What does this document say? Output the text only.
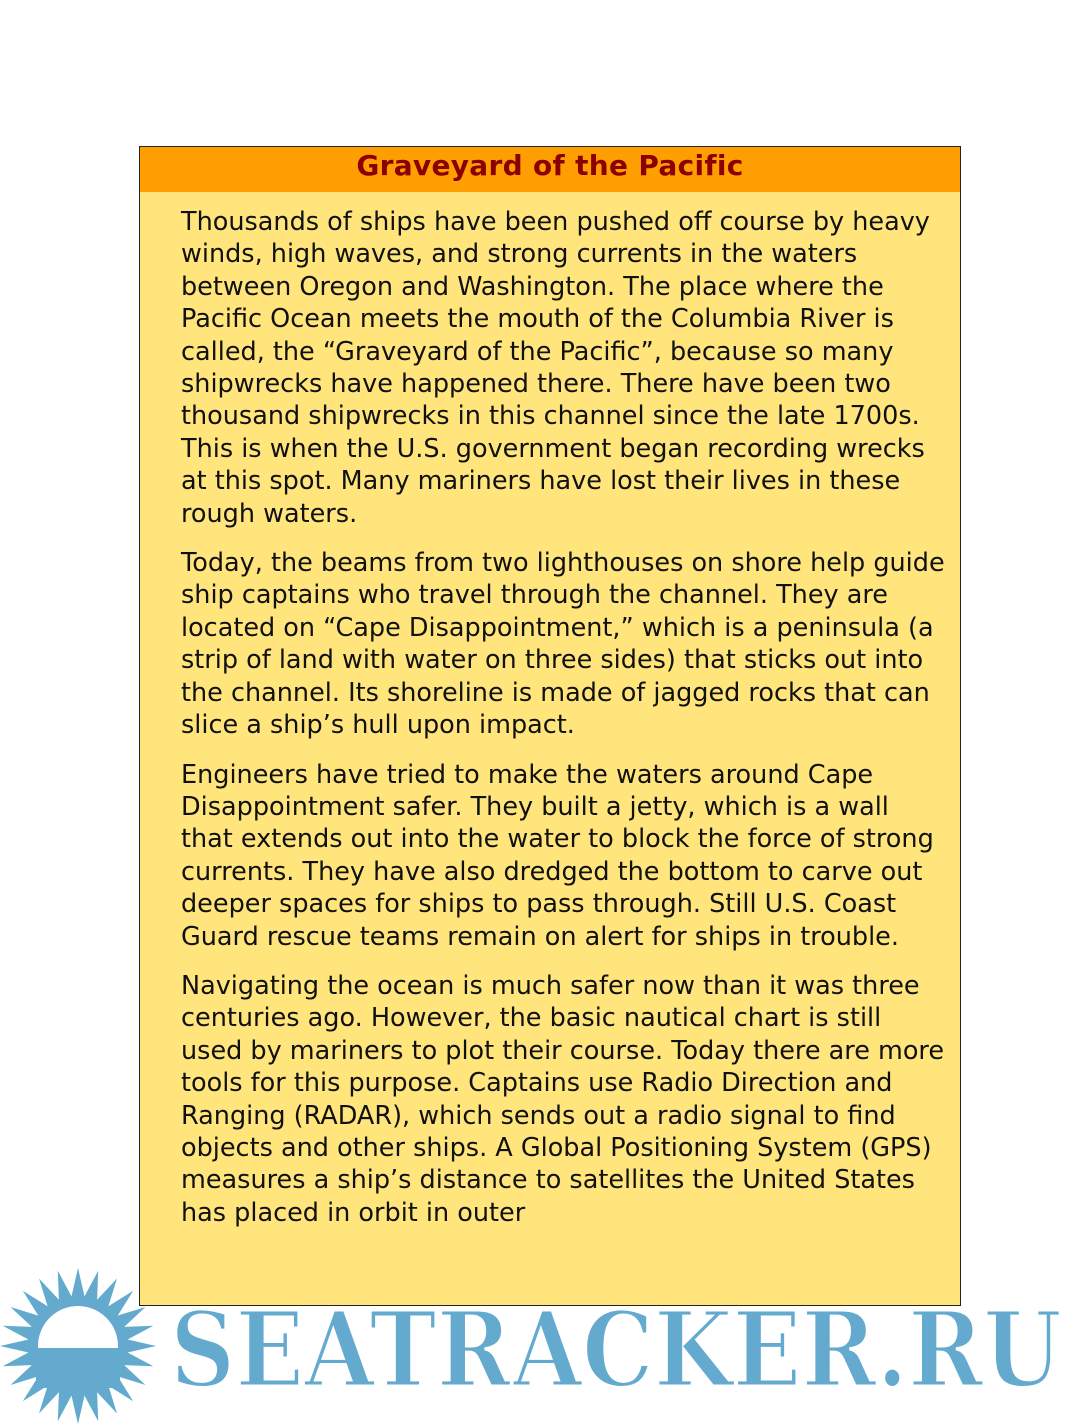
Graveyard of the Pacific

Thousands of ships have been pushed off course by heavy winds, high waves, and strong currents in the waters between Oregon and Washington. The place where the Pacific Ocean meets the mouth of the Columbia River is called, the “Graveyard of the Pacific”, because so many shipwrecks have happened there. There have been two thousand shipwrecks in this channel since the late 1700s. This is when the U.S. government began recording wrecks at this spot. Many mariners have lost their lives in these rough waters.

Today, the beams from two lighthouses on shore help guide ship captains who travel through the channel. They are located on “Cape Disappointment,” which is a peninsula (a strip of land with water on three sides) that sticks out into the channel. Its shoreline is made of jagged rocks that can slice a ship’s hull upon impact.

Engineers have tried to make the waters around Cape Disappointment safer. They built a jetty, which is a wall that extends out into the water to block the force of strong currents. They have also dredged the bottom to carve out deeper spaces for ships to pass through. Still U.S. Coast Guard rescue teams remain on alert for ships in trouble.

Navigating the ocean is much safer now than it was three centuries ago. However, the basic nautical chart is still used by mariners to plot their course. Today there are more tools for this purpose. Captains use Radio Direction and Ranging (RADAR), which sends out a radio signal to find objects and other ships. A Global Positioning System (GPS) measures a ship’s distance to satellites the United States has placed in orbit in outer

SEATRACKER.RU
